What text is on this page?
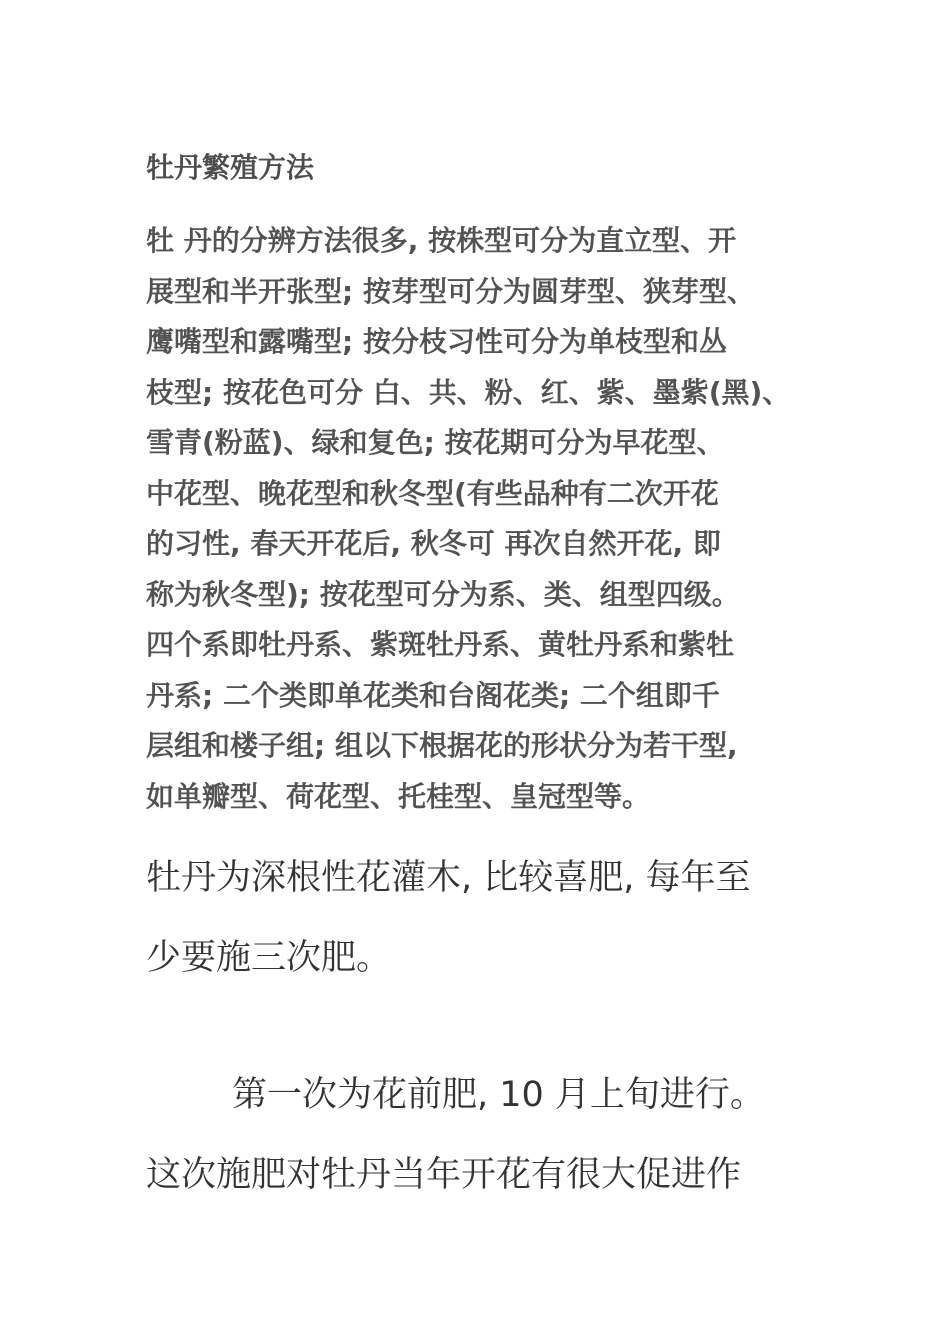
牡丹繁殖方法
牡 丹的分辨方法很多, 按株型可分为直立型、开
展型和半开张型; 按芽型可分为圆芽型、狭芽型、
鹰嘴型和露嘴型; 按分枝习性可分为单枝型和丛
枝型; 按花色可分 白、共、粉、红、紫、墨紫(黑)、
雪青(粉蓝)、绿和复色; 按花期可分为早花型、
中花型、晚花型和秋冬型(有些品种有二次开花
的习性, 春天开花后, 秋冬可 再次自然开花, 即
称为秋冬型); 按花型可分为系、类、组型四级。
四个系即牡丹系、紫斑牡丹系、黄牡丹系和紫牡
丹系; 二个类即单花类和台阁花类; 二个组即千
层组和楼子组; 组以下根据花的形状分为若干型,
如单瓣型、荷花型、托桂型、皇冠型等。
牡丹为深根性花灌木, 比较喜肥, 每年至
少要施三次肥。
第一次为花前肥, 10 月上旬进行。
这次施肥对牡丹当年开花有很大促进作
